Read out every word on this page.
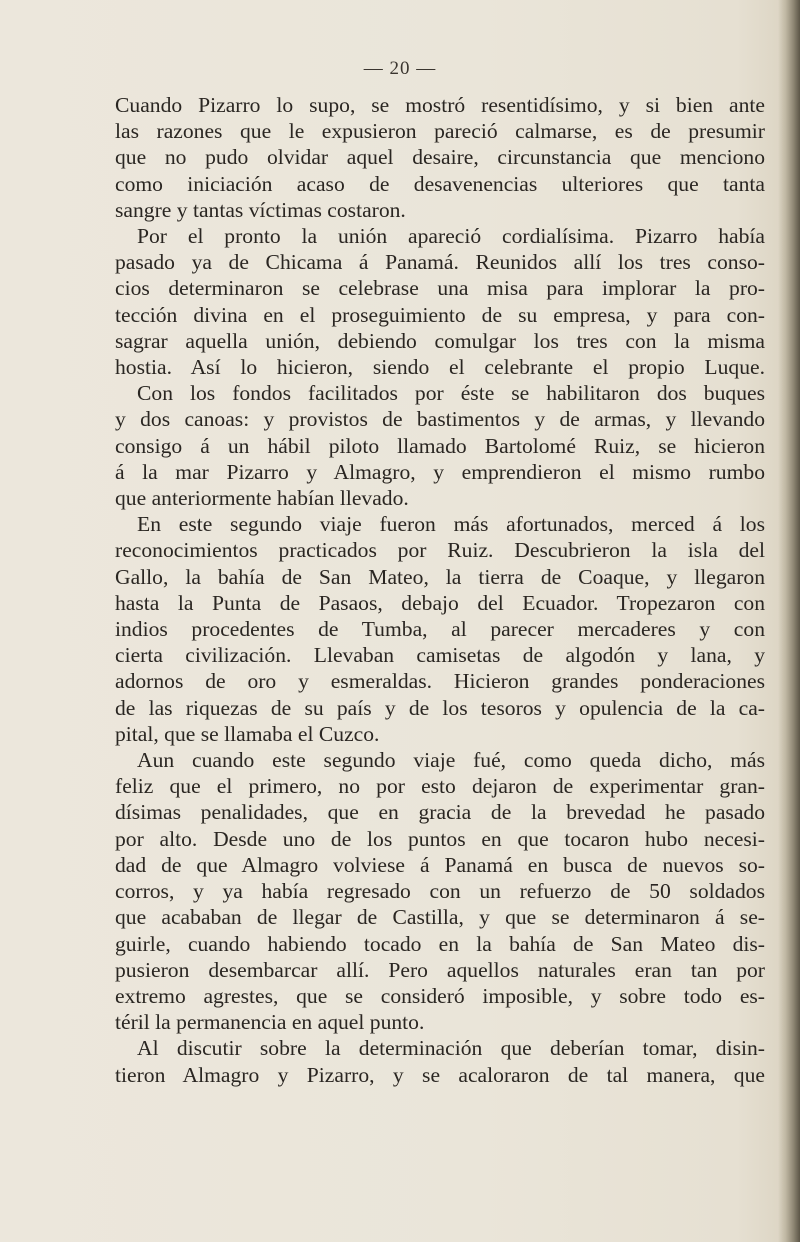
— 20 —
Cuando Pizarro lo supo, se mostró resentidísimo, y si bien ante
las razones que le expusieron pareció calmarse, es de presumir
que no pudo olvidar aquel desaire, circunstancia que menciono
como iniciación acaso de desavenencias ulteriores que tanta
sangre y tantas víctimas costaron.
Por el pronto la unión apareció cordialísima. Pizarro había
pasado ya de Chicama á Panamá. Reunidos allí los tres conso-
cios determinaron se celebrase una misa para implorar la pro-
tección divina en el proseguimiento de su empresa, y para con-
sagrar aquella unión, debiendo comulgar los tres con la misma
hostia. Así lo hicieron, siendo el celebrante el propio Luque.
Con los fondos facilitados por éste se habilitaron dos buques
y dos canoas: y provistos de bastimentos y de armas, y llevando
consigo á un hábil piloto llamado Bartolomé Ruiz, se hicieron
á la mar Pizarro y Almagro, y emprendieron el mismo rumbo
que anteriormente habían llevado.
En este segundo viaje fueron más afortunados, merced á los
reconocimientos practicados por Ruiz. Descubrieron la isla del
Gallo, la bahía de San Mateo, la tierra de Coaque, y llegaron
hasta la Punta de Pasaos, debajo del Ecuador. Tropezaron con
indios procedentes de Tumba, al parecer mercaderes y con
cierta civilización. Llevaban camisetas de algodón y lana, y
adornos de oro y esmeraldas. Hicieron grandes ponderaciones
de las riquezas de su país y de los tesoros y opulencia de la ca-
pital, que se llamaba el Cuzco.
Aun cuando este segundo viaje fué, como queda dicho, más
feliz que el primero, no por esto dejaron de experimentar gran-
dísimas penalidades, que en gracia de la brevedad he pasado
por alto. Desde uno de los puntos en que tocaron hubo necesi-
dad de que Almagro volviese á Panamá en busca de nuevos so-
corros, y ya había regresado con un refuerzo de 50 soldados
que acababan de llegar de Castilla, y que se determinaron á se-
guirle, cuando habiendo tocado en la bahía de San Mateo dis-
pusieron desembarcar allí. Pero aquellos naturales eran tan por
extremo agrestes, que se consideró imposible, y sobre todo es-
téril la permanencia en aquel punto.
Al discutir sobre la determinación que deberían tomar, disin-
tieron Almagro y Pizarro, y se acaloraron de tal manera, que
